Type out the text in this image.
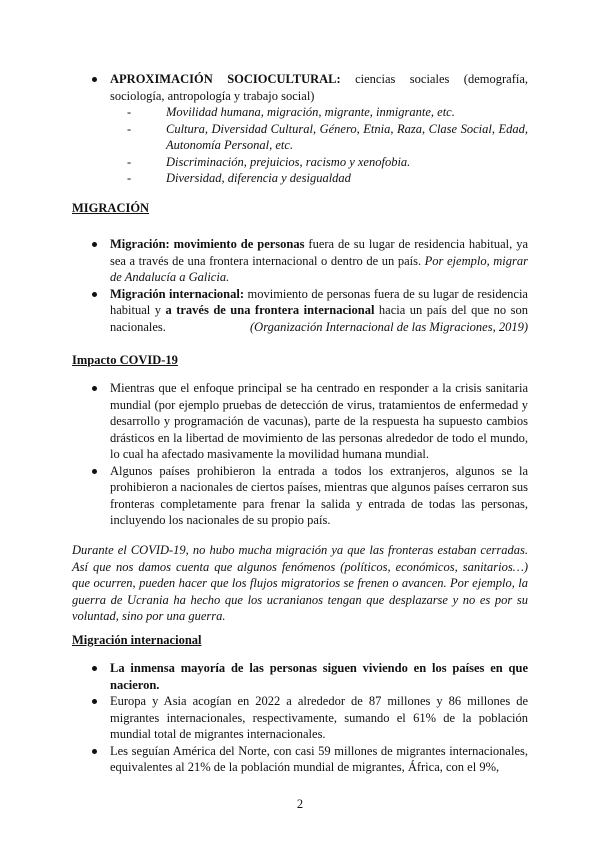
APROXIMACIÓN SOCIOCULTURAL: ciencias sociales (demografía, sociología, antropología y trabajo social)
-	Movilidad humana, migración, migrante, inmigrante, etc.
-	Cultura, Diversidad Cultural, Género, Etnia, Raza, Clase Social, Edad, Autonomía Personal, etc.
-	Discriminación, prejuicios, racismo y xenofobia.
-	Diversidad, diferencia y desigualdad
MIGRACIÓN
Migración: movimiento de personas fuera de su lugar de residencia habitual, ya sea a través de una frontera internacional o dentro de un país. Por ejemplo, migrar de Andalucía a Galicia.
Migración internacional: movimiento de personas fuera de su lugar de residencia habitual y a través de una frontera internacional hacia un país del que no son nacionales.	(Organización Internacional de las Migraciones, 2019)
Impacto COVID-19
Mientras que el enfoque principal se ha centrado en responder a la crisis sanitaria mundial (por ejemplo pruebas de detección de virus, tratamientos de enfermedad y desarrollo y programación de vacunas), parte de la respuesta ha supuesto cambios drásticos en la libertad de movimiento de las personas alrededor de todo el mundo, lo cual ha afectado masivamente la movilidad humana mundial.
Algunos países prohibieron la entrada a todos los extranjeros, algunos se la prohibieron a nacionales de ciertos países, mientras que algunos países cerraron sus fronteras completamente para frenar la salida y entrada de todas las personas, incluyendo los nacionales de su propio país.
Durante el COVID-19, no hubo mucha migración ya que las fronteras estaban cerradas. Así que nos damos cuenta que algunos fenómenos (políticos, económicos, sanitarios…) que ocurren, pueden hacer que los flujos migratorios se frenen o avancen. Por ejemplo, la guerra de Ucrania ha hecho que los ucranianos tengan que desplazarse y no es por su voluntad, sino por una guerra.
Migración internacional
La inmensa mayoría de las personas siguen viviendo en los países en que nacieron.
Europa y Asia acogían en 2022 a alrededor de 87 millones y 86 millones de migrantes internacionales, respectivamente, sumando el 61% de la población mundial total de migrantes internacionales.
Les seguían América del Norte, con casi 59 millones de migrantes internacionales, equivalentes al 21% de la población mundial de migrantes, África, con el 9%,
2
